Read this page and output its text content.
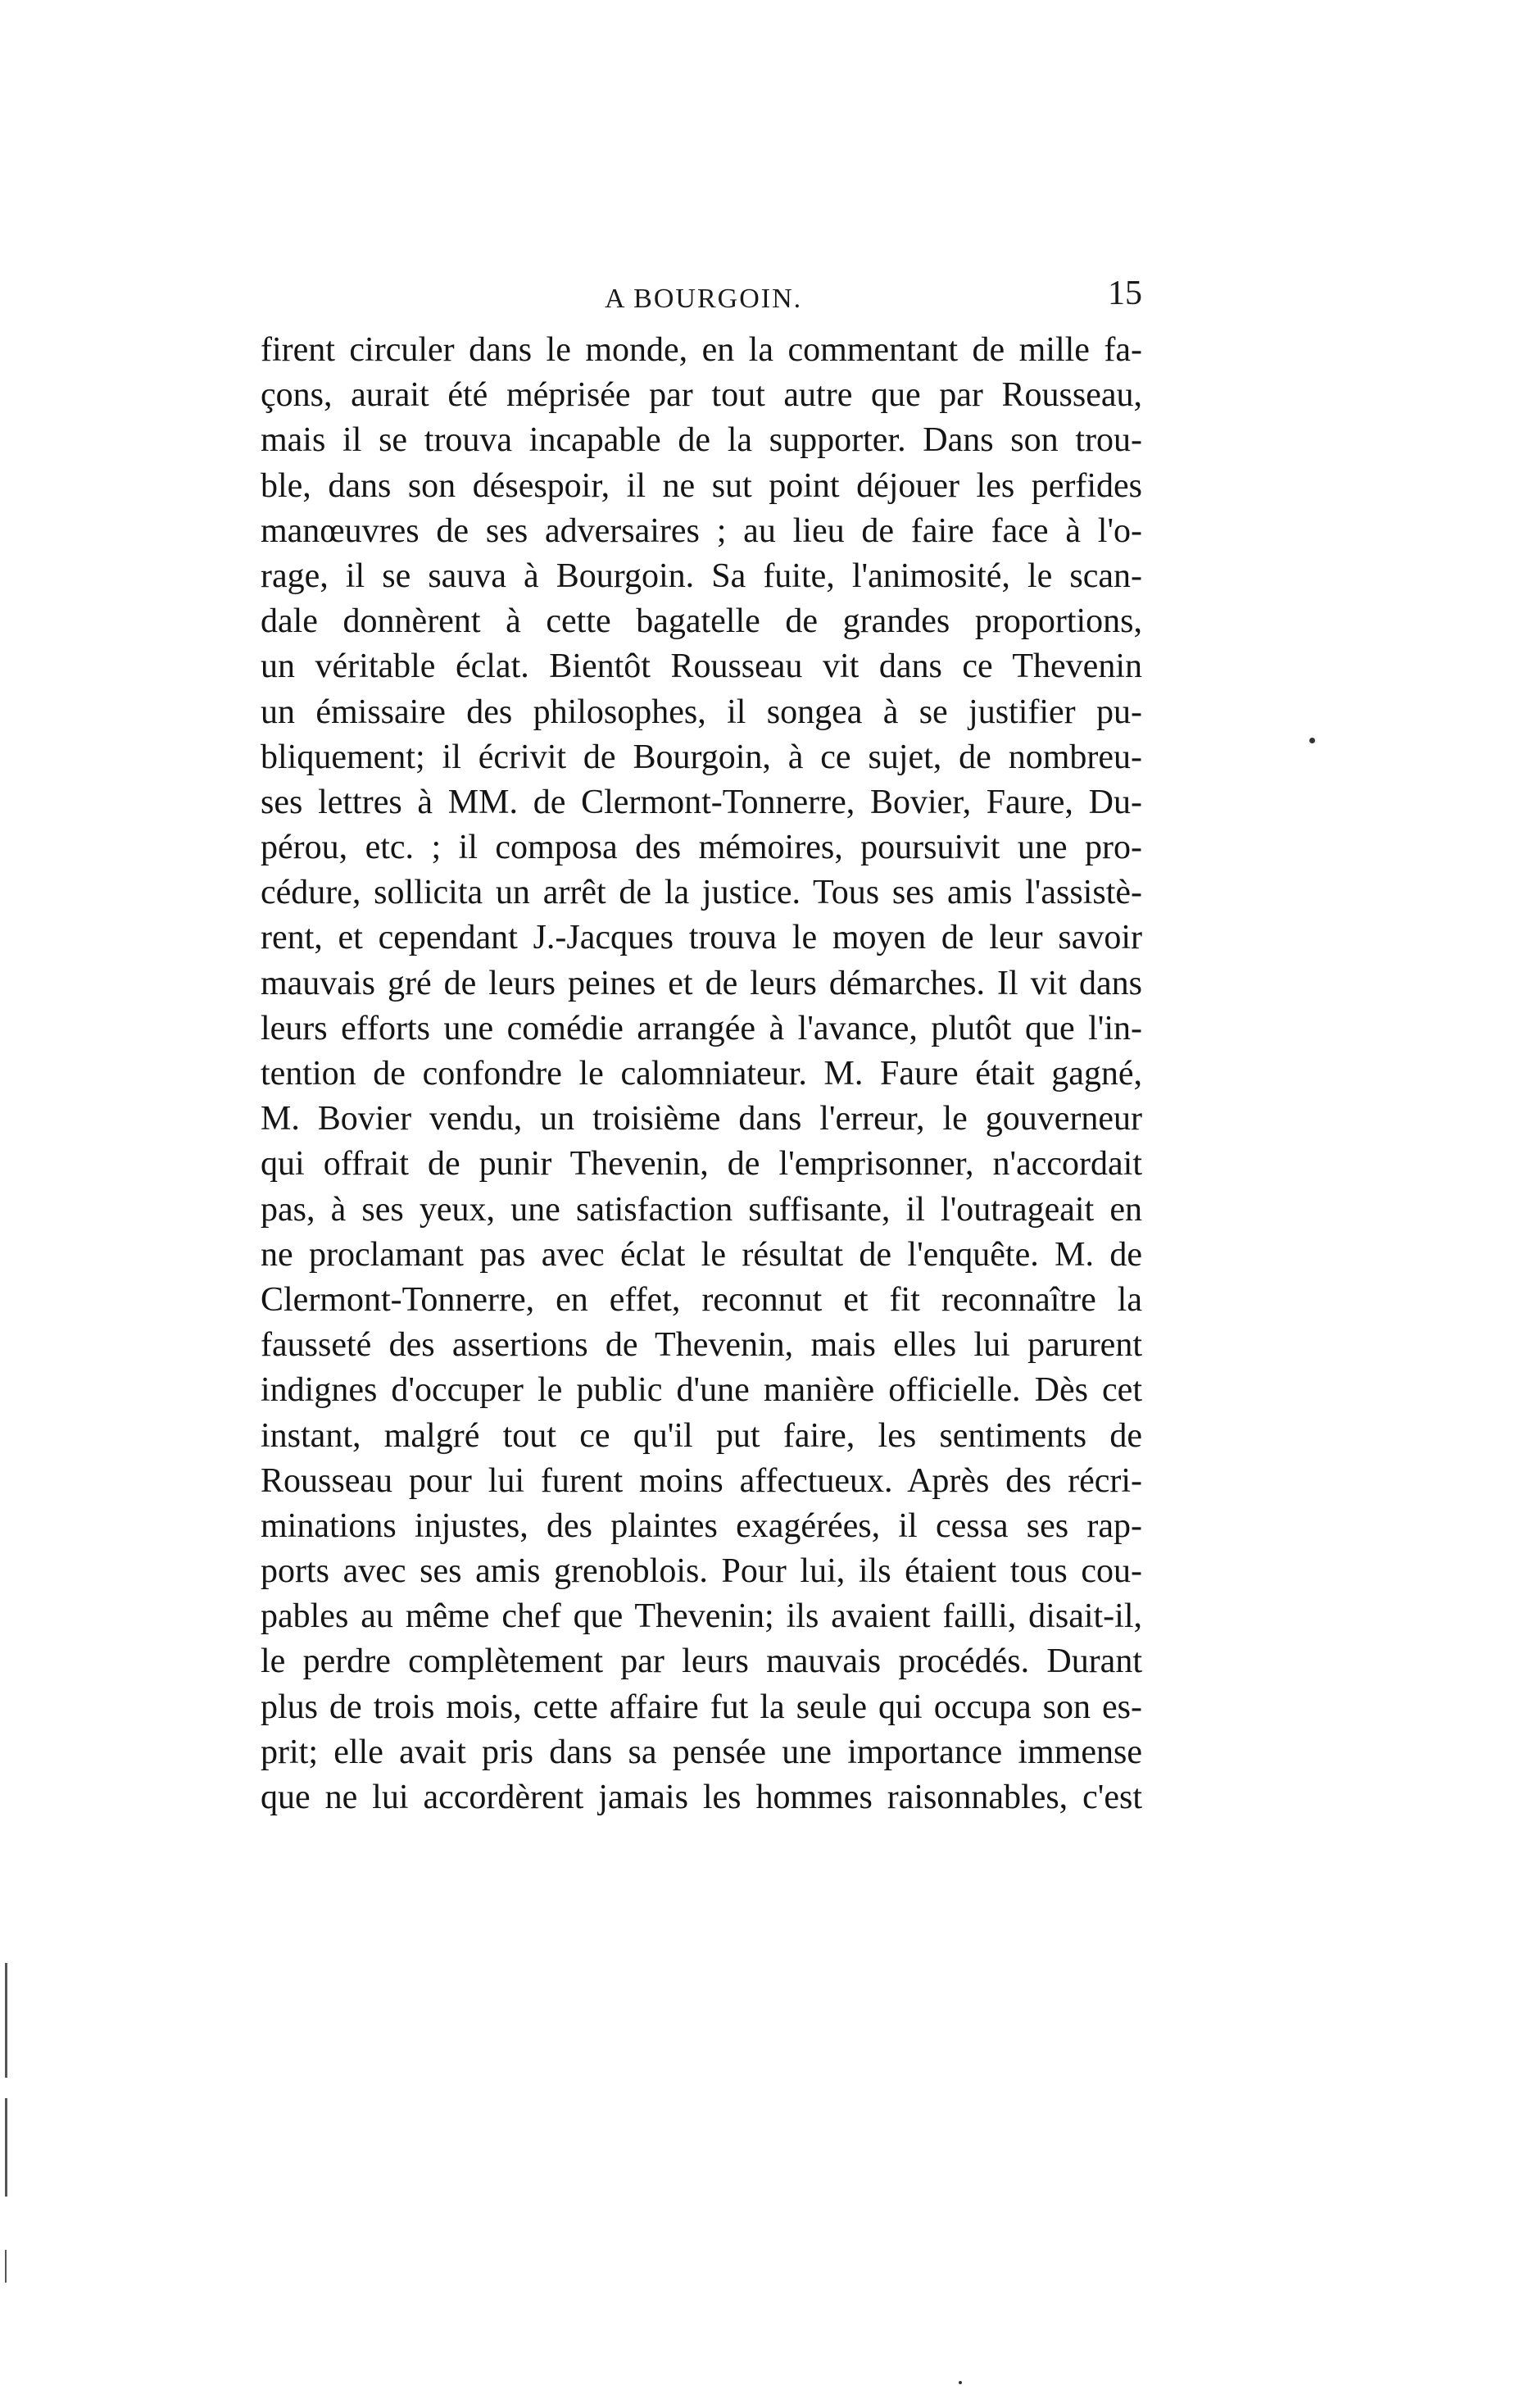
A BOURGOIN.	15
firent circuler dans le monde, en la commentant de mille fa-
çons, aurait été méprisée par tout autre que par Rousseau,
mais il se trouva incapable de la supporter. Dans son trou-
ble, dans son désespoir, il ne sut point déjouer les perfides
manœuvres de ses adversaires ; au lieu de faire face à l'o-
rage, il se sauva à Bourgoin. Sa fuite, l'animosité, le scan-
dale donnèrent à cette bagatelle de grandes proportions,
un véritable éclat. Bientôt Rousseau vit dans ce Thevenin
un émissaire des philosophes, il songea à se justifier pu-
bliquement; il écrivit de Bourgoin, à ce sujet, de nombreu-
ses lettres à MM. de Clermont-Tonnerre, Bovier, Faure, Du-
pérou, etc. ; il composa des mémoires, poursuivit une pro-
cédure, sollicita un arrêt de la justice. Tous ses amis l'assistè-
rent, et cependant J.-Jacques trouva le moyen de leur savoir
mauvais gré de leurs peines et de leurs démarches. Il vit dans
leurs efforts une comédie arrangée à l'avance, plutôt que l'in-
tention de confondre le calomniateur. M. Faure était gagné,
M. Bovier vendu, un troisième dans l'erreur, le gouverneur
qui offrait de punir Thevenin, de l'emprisonner, n'accordait
pas, à ses yeux, une satisfaction suffisante, il l'outrageait en
ne proclamant pas avec éclat le résultat de l'enquête. M. de
Clermont-Tonnerre, en effet, reconnut et fit reconnaître la
fausseté des assertions de Thevenin, mais elles lui parurent
indignes d'occuper le public d'une manière officielle. Dès cet
instant, malgré tout ce qu'il put faire, les sentiments de
Rousseau pour lui furent moins affectueux. Après des récri-
minations injustes, des plaintes exagérées, il cessa ses rap-
ports avec ses amis grenoblois. Pour lui, ils étaient tous cou-
pables au même chef que Thevenin; ils avaient failli, disait-il,
le perdre complètement par leurs mauvais procédés. Durant
plus de trois mois, cette affaire fut la seule qui occupa son es-
prit; elle avait pris dans sa pensée une importance immense
que ne lui accordèrent jamais les hommes raisonnables, c'est
